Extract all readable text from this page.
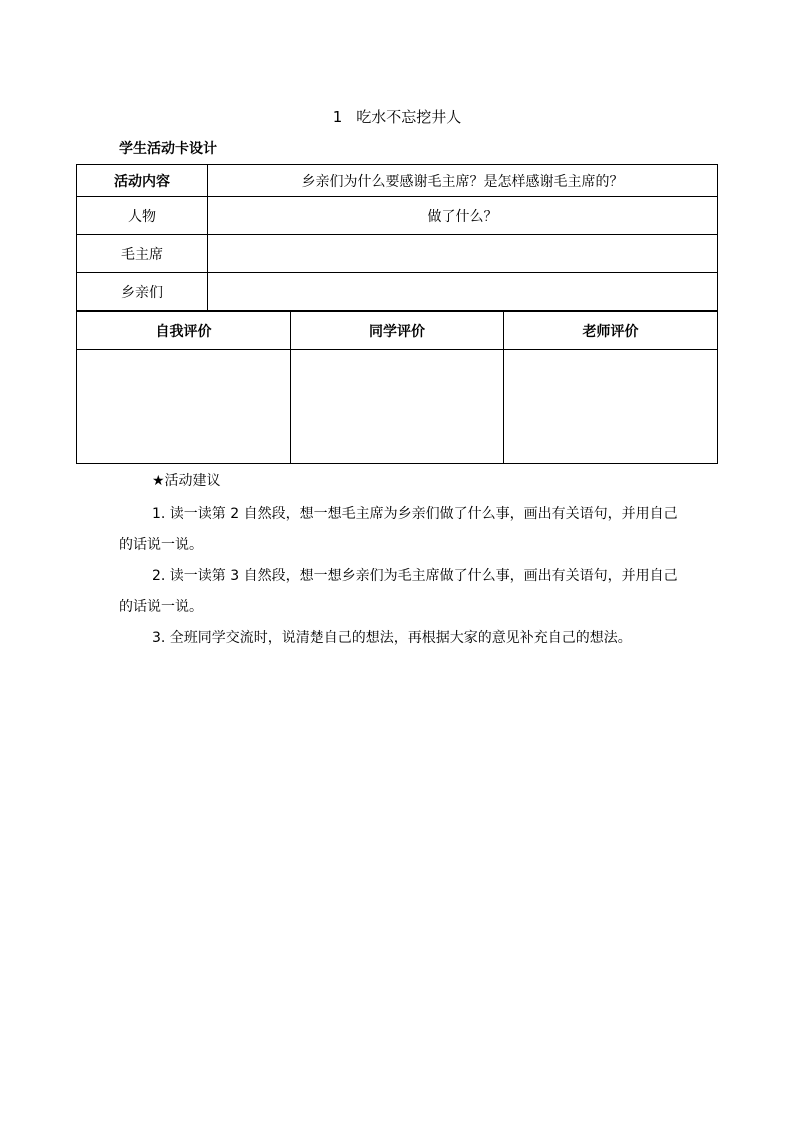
1 吃水不忘挖井人
学生活动卡设计
活动内容	乡亲们为什么要感谢毛主席？是怎样感谢毛主席的？
人物	做了什么？
毛主席	
乡亲们	
自我评价	同学评价	老师评价

★活动建议
1. 读一读第 2 自然段，想一想毛主席为乡亲们做了什么事，画出有关语句，并用自己的话说一说。
2. 读一读第 3 自然段，想一想乡亲们为毛主席做了什么事，画出有关语句，并用自己的话说一说。
3. 全班同学交流时，说清楚自己的想法，再根据大家的意见补充自己的想法。
